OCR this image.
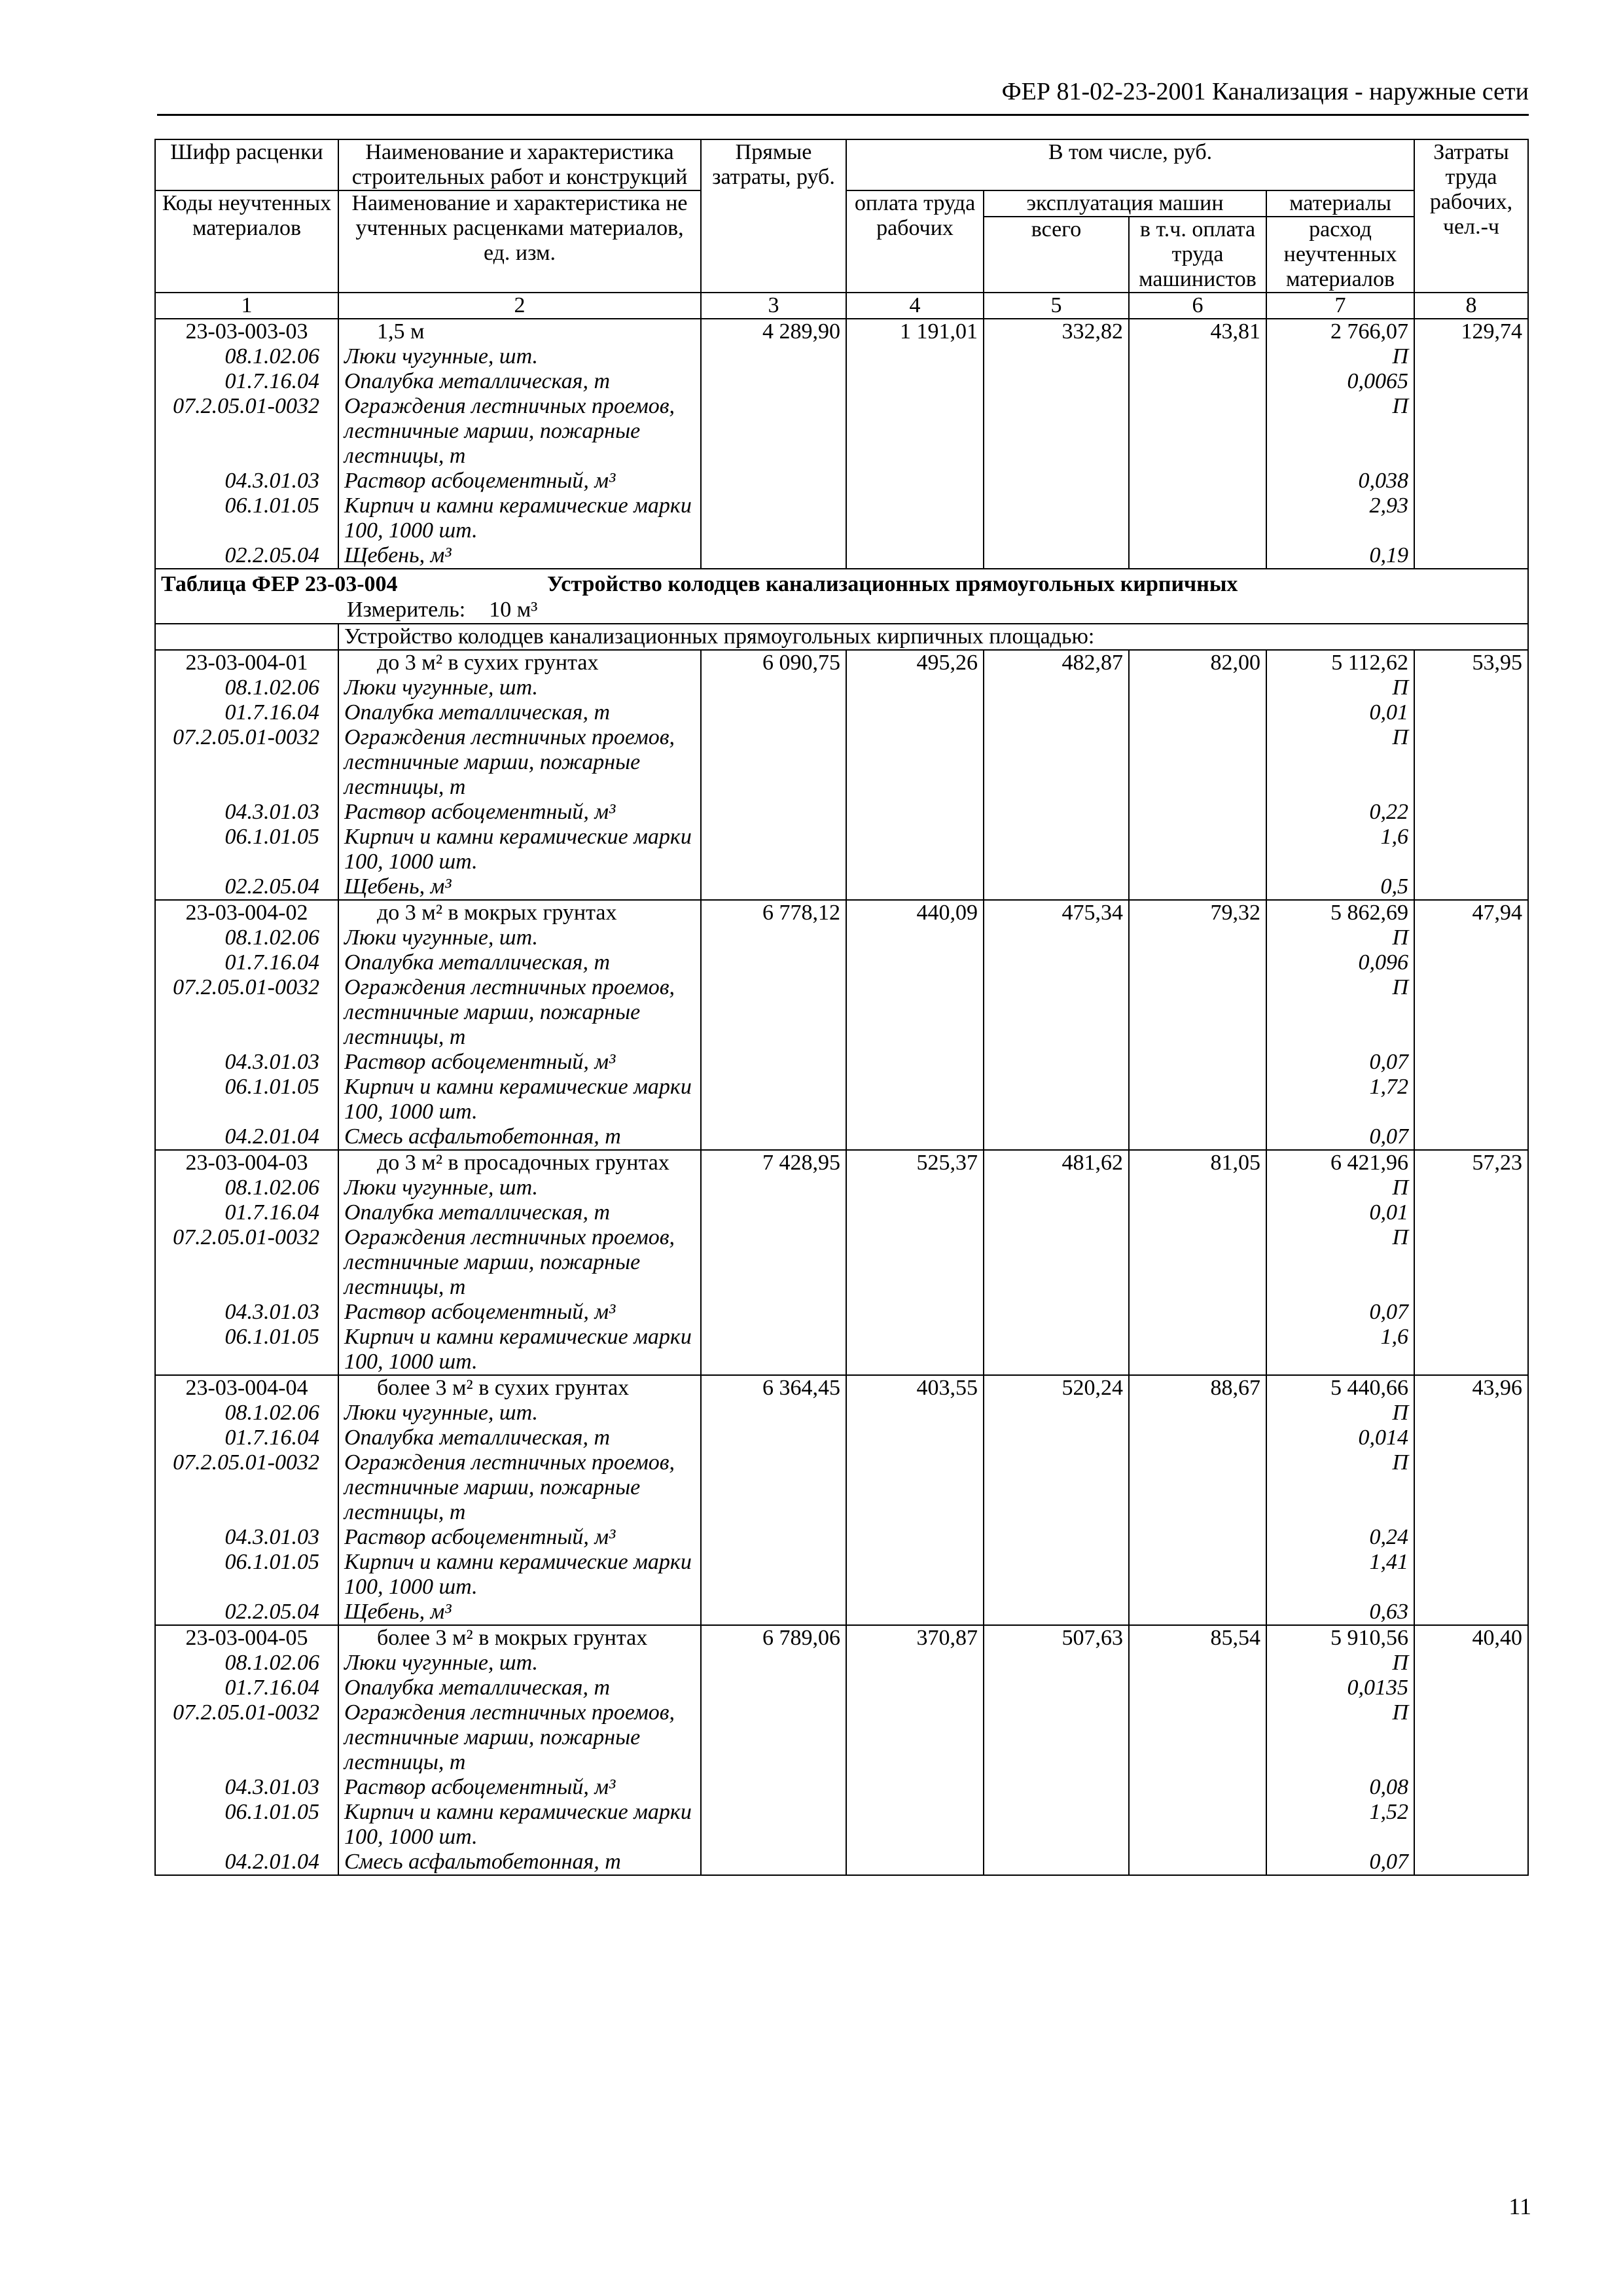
ФЕР 81-02-23-2001 Канализация - наружные сети
Шифр расценки	Наименование и характеристика строительных работ и конструкций	Прямые затраты, руб.	В том числе, руб.				Затраты труда рабочих, чел.-ч
Коды неучтенных материалов	Наименование и характеристика не учтенных расценками материалов, ед. изм.		оплата труда рабочих	эксплуатация машин		материалы	
				всего	в т.ч. оплата труда машинистов	расход неучтенных материалов	
1	2	3	4	5	6	7	8
23-03-003-03	1,5 м	4 289,90	1 191,01	332,82	43,81	2 766,07	129,74
08.1.02.06	Люки чугунные, шт.					П	
01.7.16.04	Опалубка металлическая, т					0,0065	
07.2.05.01-0032	Ограждения лестничных проемов, лестничные марши, пожарные лестницы, т					П	
04.3.01.03	Раствор асбоцементный, м³					0,038	
06.1.01.05	Кирпич и камни керамические марки 100, 1000 шт.					2,93	
02.2.05.04	Щебень, м³					0,19	

Таблица ФЕР 23-03-004 Устройство колодцев канализационных прямоугольных кирпичных
Измеритель: 10 м³							

	Устройство колодцев канализационных прямоугольных кирпичных площадью:						
23-03-004-01	до 3 м² в сухих грунтах	6 090,75	495,26	482,87	82,00	5 112,62	53,95
08.1.02.06	Люки чугунные, шт.					П	
01.7.16.04	Опалубка металлическая, т					0,01	
07.2.05.01-0032	Ограждения лестничных проемов, лестничные марши, пожарные лестницы, т					П	
04.3.01.03	Раствор асбоцементный, м³					0,22	
06.1.01.05	Кирпич и камни керамические марки 100, 1000 шт.					1,6	
02.2.05.04	Щебень, м³					0,5	
23-03-004-02	до 3 м² в мокрых грунтах	6 778,12	440,09	475,34	79,32	5 862,69	47,94
08.1.02.06	Люки чугунные, шт.					П	
01.7.16.04	Опалубка металлическая, т					0,096	
07.2.05.01-0032	Ограждения лестничных проемов, лестничные марши, пожарные лестницы, т					П	
04.3.01.03	Раствор асбоцементный, м³					0,07	
06.1.01.05	Кирпич и камни керамические марки 100, 1000 шт.					1,72	
04.2.01.04	Смесь асфальтобетонная, т					0,07	
23-03-004-03	до 3 м² в просадочных грунтах	7 428,95	525,37	481,62	81,05	6 421,96	57,23
08.1.02.06	Люки чугунные, шт.					П	
01.7.16.04	Опалубка металлическая, т					0,01	
07.2.05.01-0032	Ограждения лестничных проемов, лестничные марши, пожарные лестницы, т					П	
04.3.01.03	Раствор асбоцементный, м³					0,07	
06.1.01.05	Кирпич и камни керамические марки 100, 1000 шт.					1,6	
23-03-004-04	более 3 м² в сухих грунтах	6 364,45	403,55	520,24	88,67	5 440,66	43,96
08.1.02.06	Люки чугунные, шт.					П	
01.7.16.04	Опалубка металлическая, т					0,014	
07.2.05.01-0032	Ограждения лестничных проемов, лестничные марши, пожарные лестницы, т					П	
04.3.01.03	Раствор асбоцементный, м³					0,24	
06.1.01.05	Кирпич и камни керамические марки 100, 1000 шт.					1,41	
02.2.05.04	Щебень, м³					0,63	
23-03-004-05	более 3 м² в мокрых грунтах	6 789,06	370,87	507,63	85,54	5 910,56	40,40
08.1.02.06	Люки чугунные, шт.					П	
01.7.16.04	Опалубка металлическая, т					0,0135	
07.2.05.01-0032	Ограждения лестничных проемов, лестничные марши, пожарные лестницы, т					П	
04.3.01.03	Раствор асбоцементный, м³					0,08	
06.1.01.05	Кирпич и камни керамические марки 100, 1000 шт.					1,52	
04.2.01.04	Смесь асфальтобетонная, т					0,07	
11
